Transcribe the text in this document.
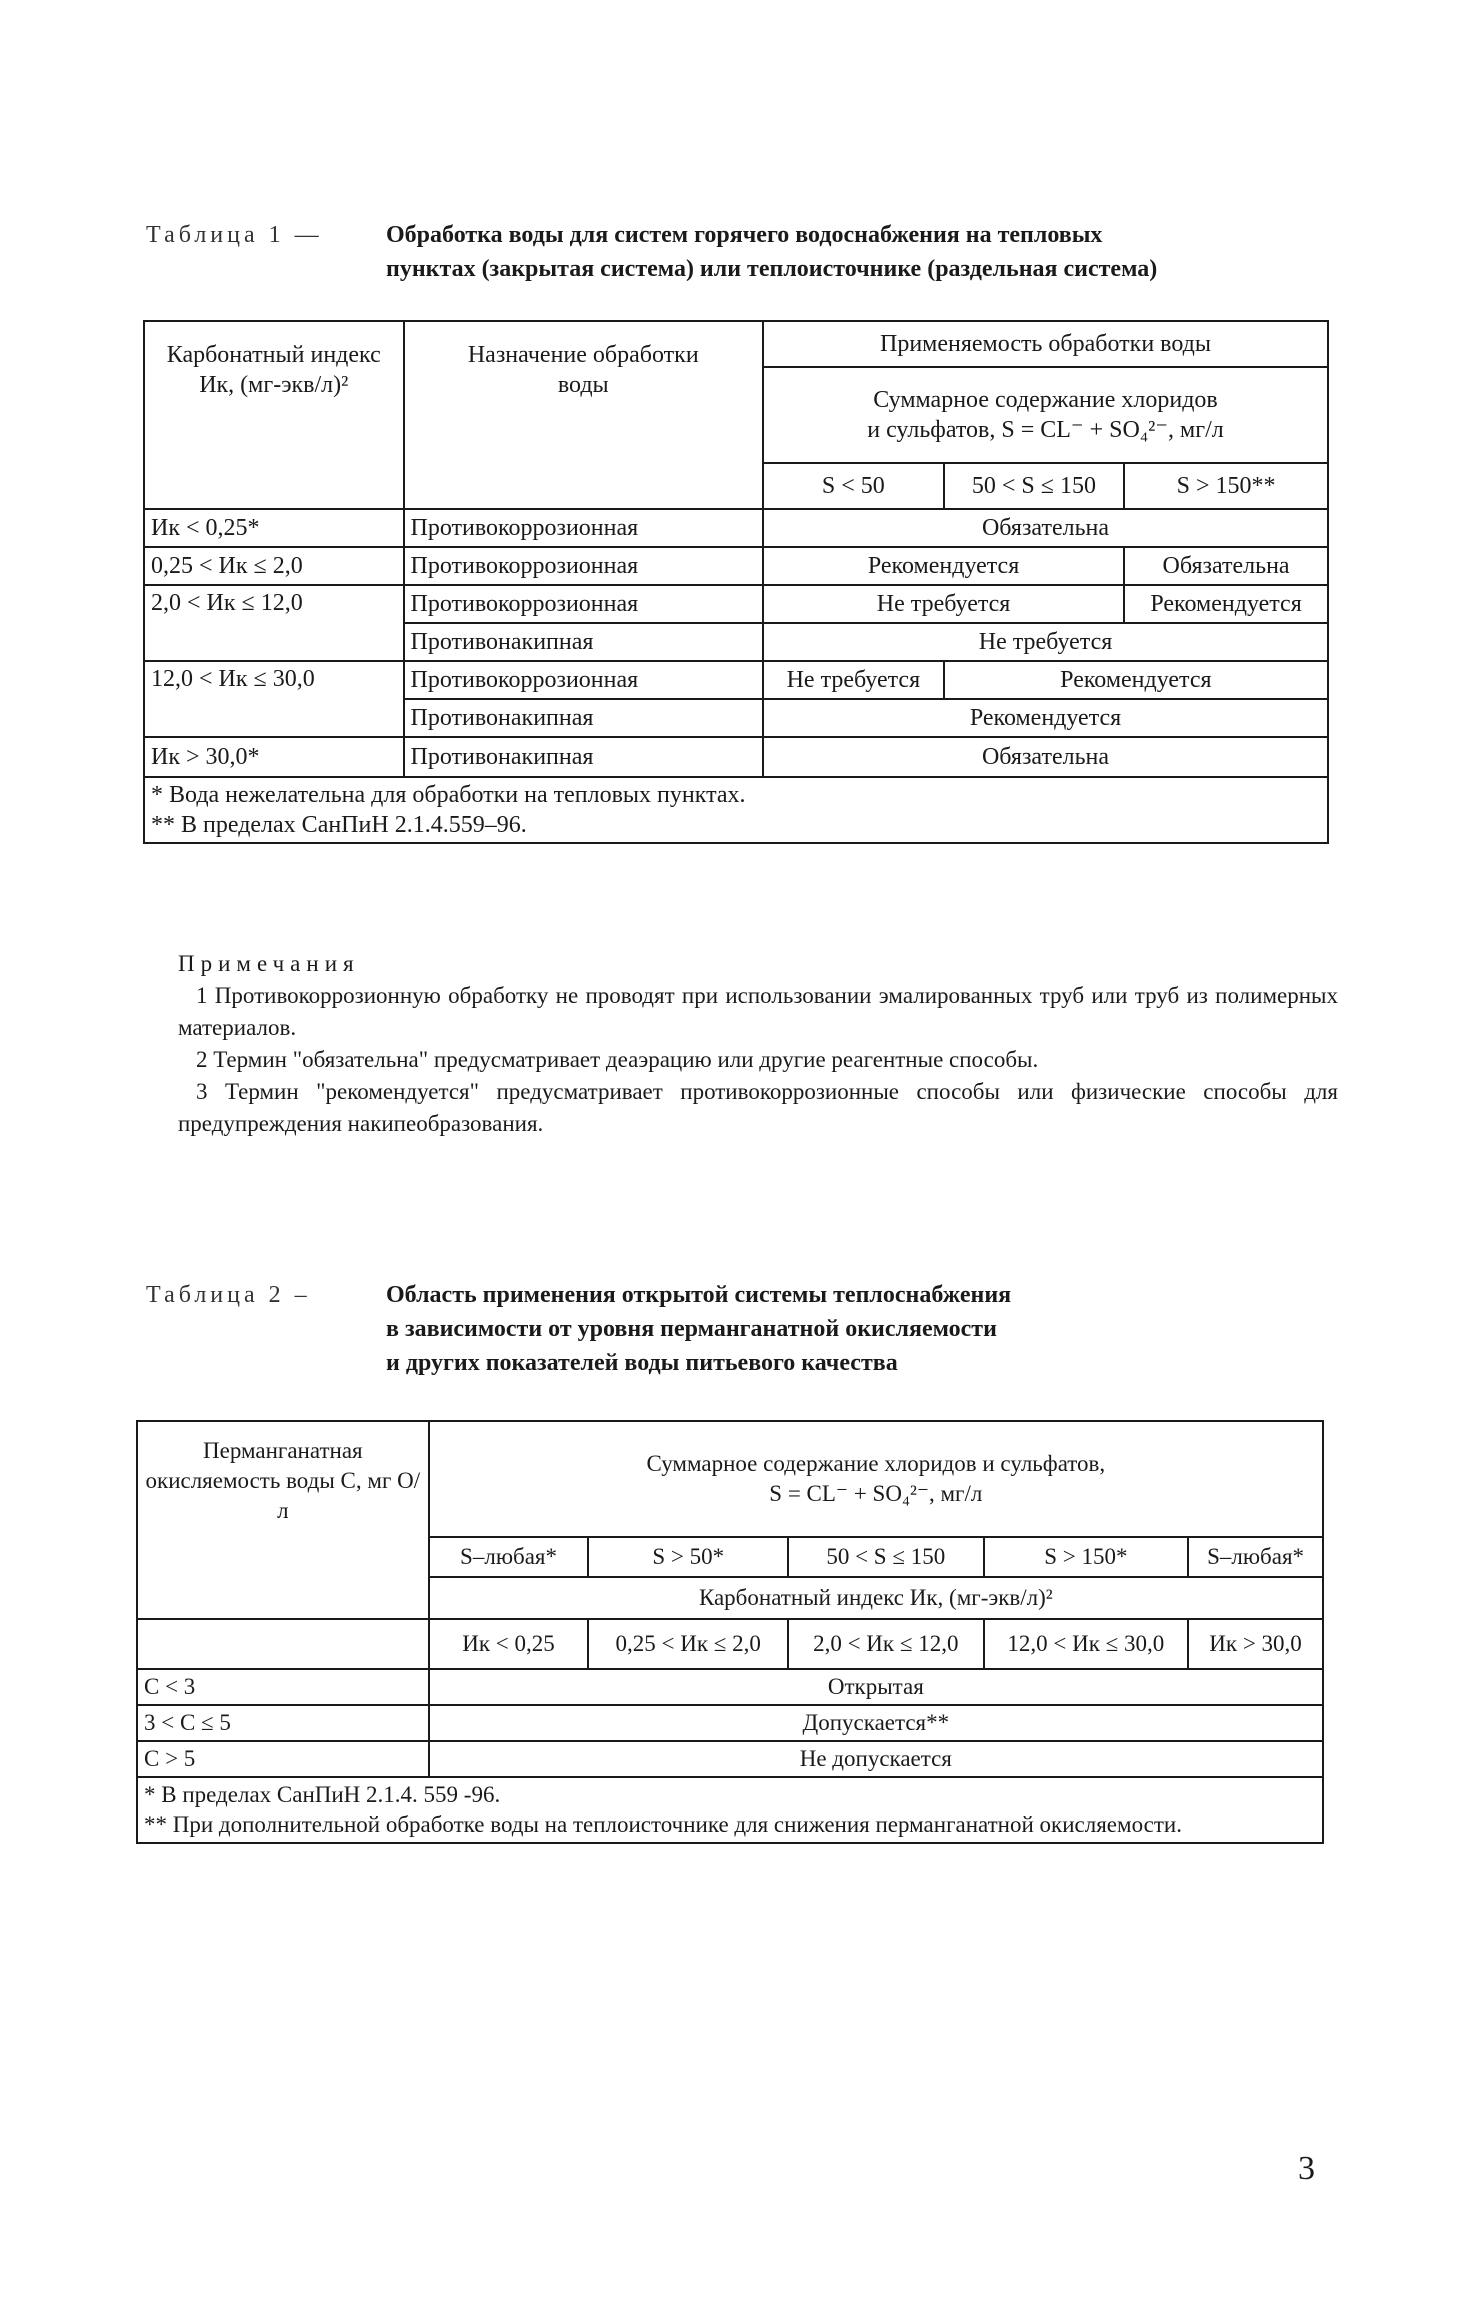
Таблица 1 —	Обработка воды для систем горячего водоснабжения на тепловых
пунктах (закрытая система) или теплоисточнике (раздельная система)
Карбонатный индекс Ик, (мг-экв/л)²	Назначение обработки воды	Применяемость обработки воды		

		Суммарное содержание хлоридов
и сульфатов, S = CL⁻ + SO₄²⁻, мг/л		

		S < 50	50 < S ≤ 150	S > 150**
Ик < 0,25*	Противокоррозионная	Обязательна		
0,25 < Ик ≤ 2,0	Противокоррозионная	Рекомендуется		Обязательна
2,0 < Ик ≤ 12,0	Противокоррозионная	Не требуется		Рекомендуется
	Противонакипная	Не требуется		
12,0 < Ик ≤ 30,0	Противокоррозионная	Не требуется	Рекомендуется	
	Противонакипная	Рекомендуется		
Ик > 30,0*	Противонакипная	Обязательна		

* Вода нежелательна для обработки на тепловых пунктах.
** В пределах СанПиН 2.1.4.559–96.				
Примечания

1 Противокоррозионную обработку не проводят при использовании эмалированных труб или труб из полимерных материалов.

2 Термин "обязательна" предусматривает деаэрацию или другие реагентные способы.

3 Термин "рекомендуется" предусматривает противокоррозионные способы или физические способы для предупреждения накипеобразования.

Таблица 2 –	Область применения открытой системы теплоснабжения
в зависимости от уровня перманганатной окисляемости
и других показателей воды питьевого качества
Перманганатная окисляемость воды С, мг О/л	Суммарное содержание хлоридов и сульфатов,
S = CL⁻ + SO₄²⁻, мг/л				

	S–любая*	S > 50*	50 < S ≤ 150	S > 150*	S–любая*
	Карбонатный индекс Ик, (мг-экв/л)²				
	Ик < 0,25	0,25 < Ик ≤ 2,0	2,0 < Ик ≤ 12,0	12,0 < Ик ≤ 30,0	Ик > 30,0
С < 3	Открытая				
3 < С ≤ 5	Допускается**				
С > 5	Не допускается				

* В пределах СанПиН 2.1.4. 559 -96.
** При дополнительной обработке воды на теплоисточнике для снижения перманганатной окисляемости.					
3
